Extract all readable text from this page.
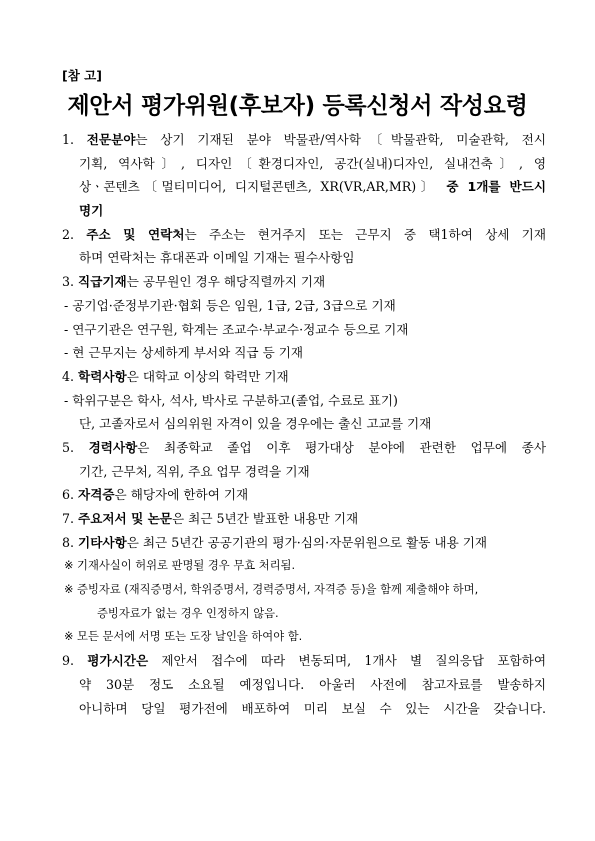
[참 고]
제안서 평가위원(후보자) 등록신청서 작성요령
1. 전문분야는 상기 기재된 분야 박물관/역사학〔박물관학, 미술관학, 전시
기획, 역사학〕, 디자인〔환경디자인, 공간(실내)디자인, 실내건축〕, 영
상ㆍ콘텐츠〔멀티미디어, 디지털콘텐츠, XR(VR,AR,MR)〕 중 1개를 반드시
명기
2. 주소 및 연락처는 주소는 현거주지 또는 근무지 중 택1하여 상세 기재
하며 연락처는 휴대폰과 이메일 기재는 필수사항임
3. 직급기재는 공무원인 경우 해당직렬까지 기재
- 공기업·준정부기관·협회 등은 임원, 1급, 2급, 3급으로 기재
- 연구기관은 연구원, 학계는 조교수·부교수·정교수 등으로 기재
- 현 근무지는 상세하게 부서와 직급 등 기재
4. 학력사항은 대학교 이상의 학력만 기재
- 학위구분은 학사, 석사, 박사로 구분하고(졸업, 수료로 표기)
단, 고졸자로서 심의위원 자격이 있을 경우에는 출신 고교를 기재
5. 경력사항은 최종학교 졸업 이후 평가대상 분야에 관련한 업무에 종사
기간, 근무처, 직위, 주요 업무 경력을 기재
6. 자격증은 해당자에 한하여 기재
7. 주요저서 및 논문은 최근 5년간 발표한 내용만 기재
8. 기타사항은 최근 5년간 공공기관의 평가·심의·자문위원으로 활동 내용 기재
※ 기재사실이 허위로 판명될 경우 무효 처리됨.
※ 증빙자료 (재직증명서, 학위증명서, 경력증명서, 자격증 등)을 함께 제출해야 하며,
증빙자료가 없는 경우 인정하지 않음.
※ 모든 문서에 서명 또는 도장 날인을 하여야 함.
9. 평가시간은 제안서 접수에 따라 변동되며, 1개사 별 질의응답 포함하여
약 30분 정도 소요될 예정입니다. 아울러 사전에 참고자료를 발송하지
아니하며 당일 평가전에 배포하여 미리 보실 수 있는 시간을 갖습니다.
